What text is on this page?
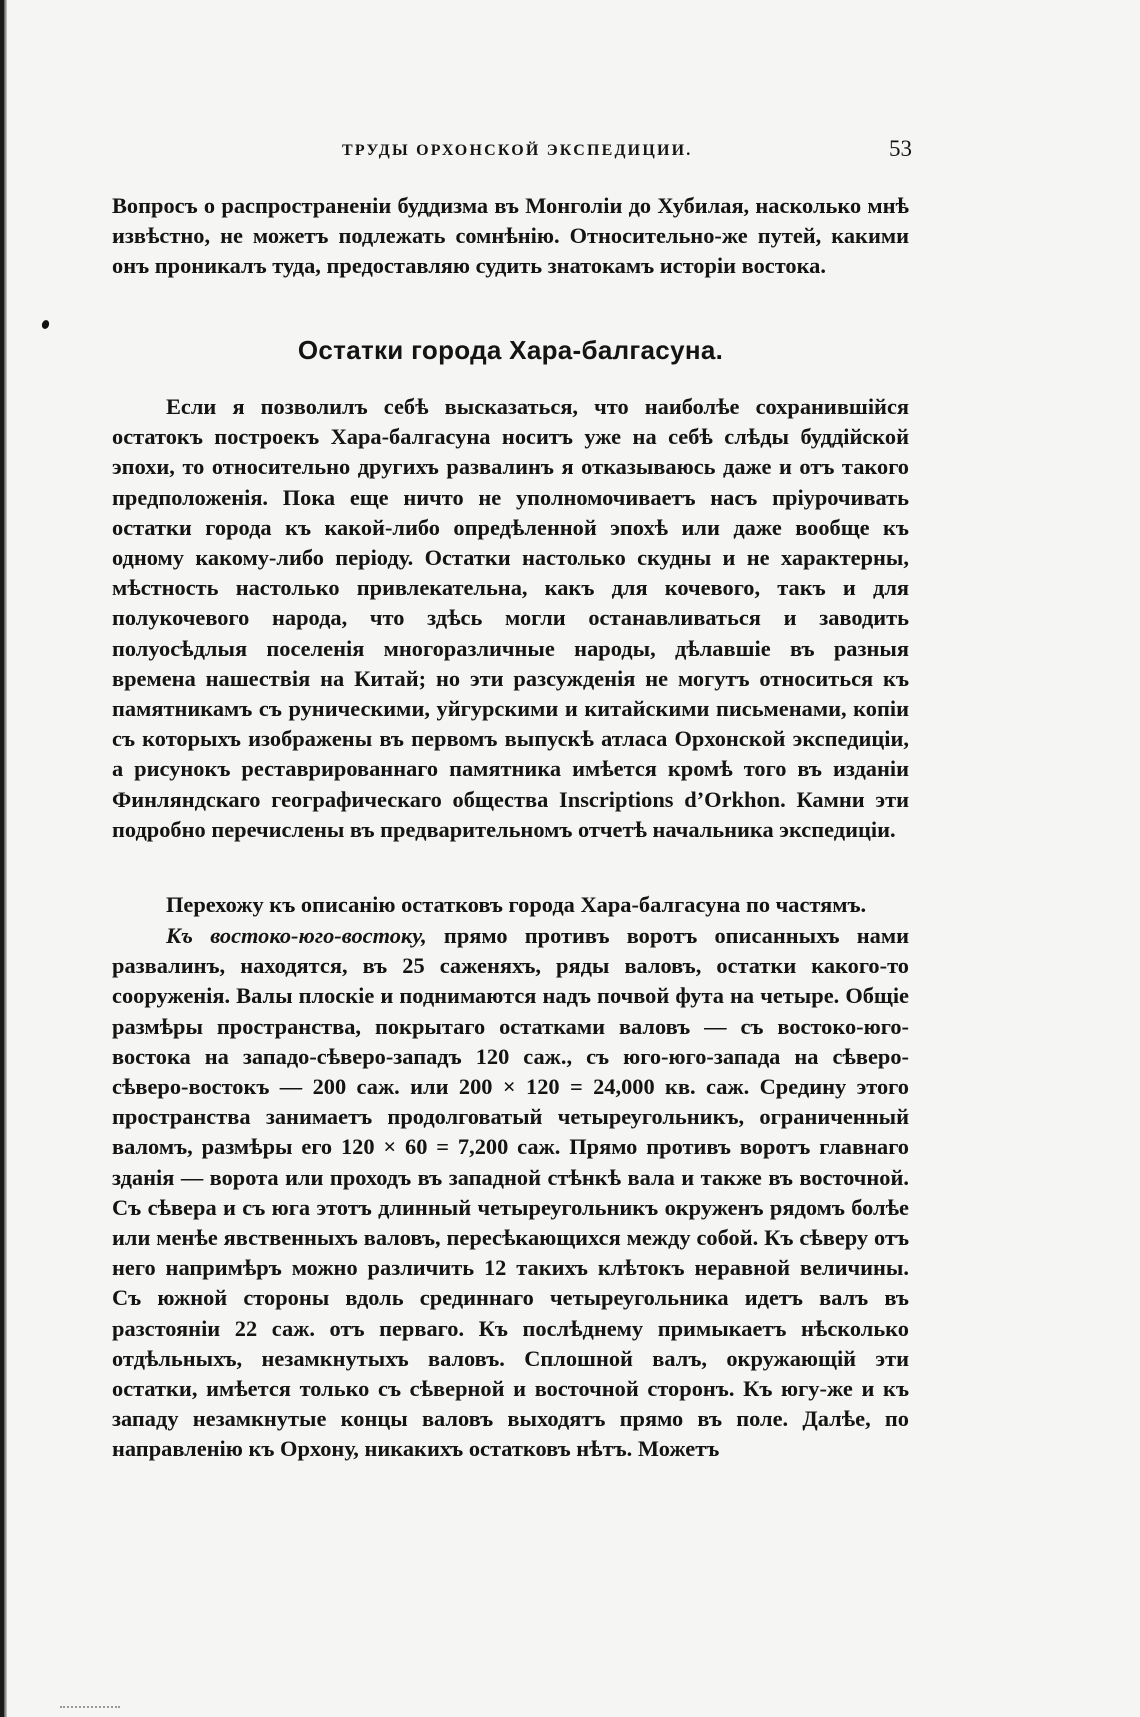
ТРУДЫ ОРХОНСКОЙ ЭКСПЕДИЦИИ.	53

Вопросъ о распространенiи буддизма въ Монголiи до Хубилая, насколько мнѣ извѣстно, не можетъ подлежать сомнѣнiю. Относительно-же путей, какими онъ проникалъ туда, предоставляю судить знатокамъ исторiи востока.

Остатки города Хара-балгасуна.

Если я позволилъ себѣ высказаться, что наиболѣе сохранившiйся остатокъ построекъ Хара-балгасуна носитъ уже на себѣ слѣды буддiйской эпохи, то относительно другихъ развалинъ я отказываюсь даже и отъ такого предположенiя. Пока еще ничто не уполномочиваетъ насъ прiурочивать остатки города къ какой-либо опредѣленной эпохѣ или даже вообще къ одному какому-либо перiоду. Остатки настолько скудны и не характерны, мѣстность настолько привлекательна, какъ для кочевого, такъ и для полукочевого народа, что здѣсь могли останавливаться и заводить полуосѣдлыя поселенiя многоразличные народы, дѣлавшiе въ разныя времена нашествiя на Китай; но эти разсужденiя не могутъ относиться къ памятникамъ съ руническими, уйгурскими и китайскими письменами, копiи съ которыхъ изображены въ первомъ выпускѣ атласа Орхонской экспедицiи, а рисунокъ реставрированнаго памятника имѣется кромѣ того въ изданiи Финляндскаго географическаго общества Inscriptions d’Orkhon. Камни эти подробно перечислены въ предварительномъ отчетѣ начальника экспедицiи.

Перехожу къ описанiю остатковъ города Хара-балгасуна по частямъ.

Къ востоко-юго-востоку, прямо противъ воротъ описанныхъ нами развалинъ, находятся, въ 25 саженяхъ, ряды валовъ, остатки какого-то сооруженiя. Валы плоскiе и поднимаются надъ почвой фута на четыре. Общiе размѣры пространства, покрытаго остатками валовъ — съ востоко-юго-востока на западо-сѣверо-западъ 120 саж., съ юго-юго-запада на сѣверо-сѣверо-востокъ — 200 саж. или 200 × 120 = 24,000 кв. саж. Средину этого пространства занимаетъ продолговатый четыреугольникъ, ограниченный валомъ, размѣры его 120 × 60 = 7,200 саж. Прямо противъ воротъ главнаго зданiя — ворота или проходъ въ западной стѣнкѣ вала и также въ восточной. Съ сѣвера и съ юга этотъ длинный четыреугольникъ окруженъ рядомъ болѣе или менѣе явственныхъ валовъ, пересѣкающихся между собой. Къ сѣверу отъ него напримѣръ можно различить 12 такихъ клѣтокъ неравной величины. Съ южной стороны вдоль срединнаго четыреугольника идетъ валъ въ разстоянiи 22 саж. отъ перваго. Къ послѣднему примыкаетъ нѣсколько отдѣльныхъ, незамкнутыхъ валовъ. Сплошной валъ, окружающiй эти остатки, имѣется только съ сѣверной и восточной сторонъ. Къ югу-же и къ западу незамкнутые концы валовъ выходятъ прямо въ поле. Далѣе, по направленiю къ Орхону, никакихъ остатковъ нѣтъ. Можетъ
